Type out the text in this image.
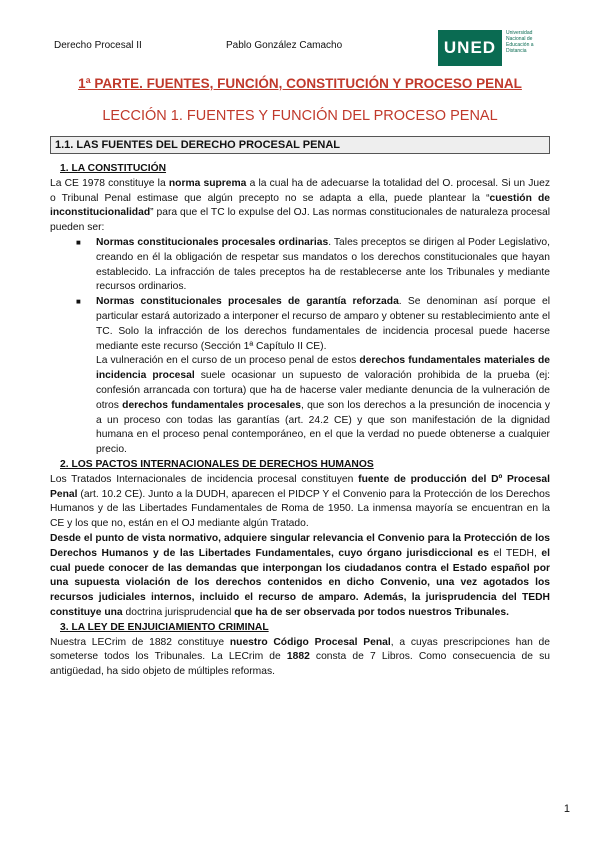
Derecho Procesal II	Pablo González Camacho	UNED
Universidad Nacional de Educación a Distancia
1ª PARTE. FUENTES, FUNCIÓN, CONSTITUCIÓN Y PROCESO PENAL
LECCIÓN 1. FUENTES Y FUNCIÓN DEL PROCESO PENAL
1.1. LAS FUENTES DEL DERECHO PROCESAL PENAL

1. LA CONSTITUCIÓN

La CE 1978 constituye la norma suprema a la cual ha de adecuarse la totalidad del O. procesal. Si un Juez o Tribunal Penal estimase que algún precepto no se adapta a ella, puede plantear la “cuestión de inconstitucionalidad” para que el TC lo expulse del OJ. Las normas constitucionales de naturaleza procesal pueden ser:

■ Normas constitucionales procesales ordinarias. Tales preceptos se dirigen al Poder Legislativo, creando en él la obligación de respetar sus mandatos o los derechos constitucionales que hayan establecido. La infracción de tales preceptos ha de restablecerse ante los Tribunales y mediante recursos ordinarios.
■ Normas constitucionales procesales de garantía reforzada. Se denominan así porque el particular estará autorizado a interponer el recurso de amparo y obtener su restablecimiento ante el TC. Solo la infracción de los derechos fundamentales de incidencia procesal puede hacerse mediante este recurso (Sección 1ª Capítulo II CE).

La vulneración en el curso de un proceso penal de estos derechos fundamentales materiales de incidencia procesal suele ocasionar un supuesto de valoración prohibida de la prueba (ej: confesión arrancada con tortura) que ha de hacerse valer mediante denuncia de la vulneración de otros derechos fundamentales procesales, que son los derechos a la presunción de inocencia y a un proceso con todas las garantías (art. 24.2 CE) y que son manifestación de la dignidad humana en el proceso penal contemporáneo, en el que la verdad no puede obtenerse a cualquier precio.

2. LOS PACTOS INTERNACIONALES DE DERECHOS HUMANOS

Los Tratados Internacionales de incidencia procesal constituyen fuente de producción del Dº Procesal Penal (art. 10.2 CE). Junto a la DUDH, aparecen el PIDCP Y el Convenio para la Protección de los Derechos Humanos y de las Libertades Fundamentales de Roma de 1950. La inmensa mayoría se encuentran en la CE y los que no, están en el OJ mediante algún Tratado.

Desde el punto de vista normativo, adquiere singular relevancia el Convenio para la Protección de los Derechos Humanos y de las Libertades Fundamentales, cuyo órgano jurisdiccional es el TEDH, el cual puede conocer de las demandas que interpongan los ciudadanos contra el Estado español por una supuesta violación de los derechos contenidos en dicho Convenio, una vez agotados los recursos judiciales internos, incluido el recurso de amparo. Además, la jurisprudencia del TEDH constituye una doctrina jurisprudencial que ha de ser observada por todos nuestros Tribunales.

3. LA LEY DE ENJUICIAMIENTO CRIMINAL

Nuestra LECrim de 1882 constituye nuestro Código Procesal Penal, a cuyas prescripciones han de someterse todos los Tribunales. La LECrim de 1882 consta de 7 Libros. Como consecuencia de su antigüedad, ha sido objeto de múltiples reformas.

1
